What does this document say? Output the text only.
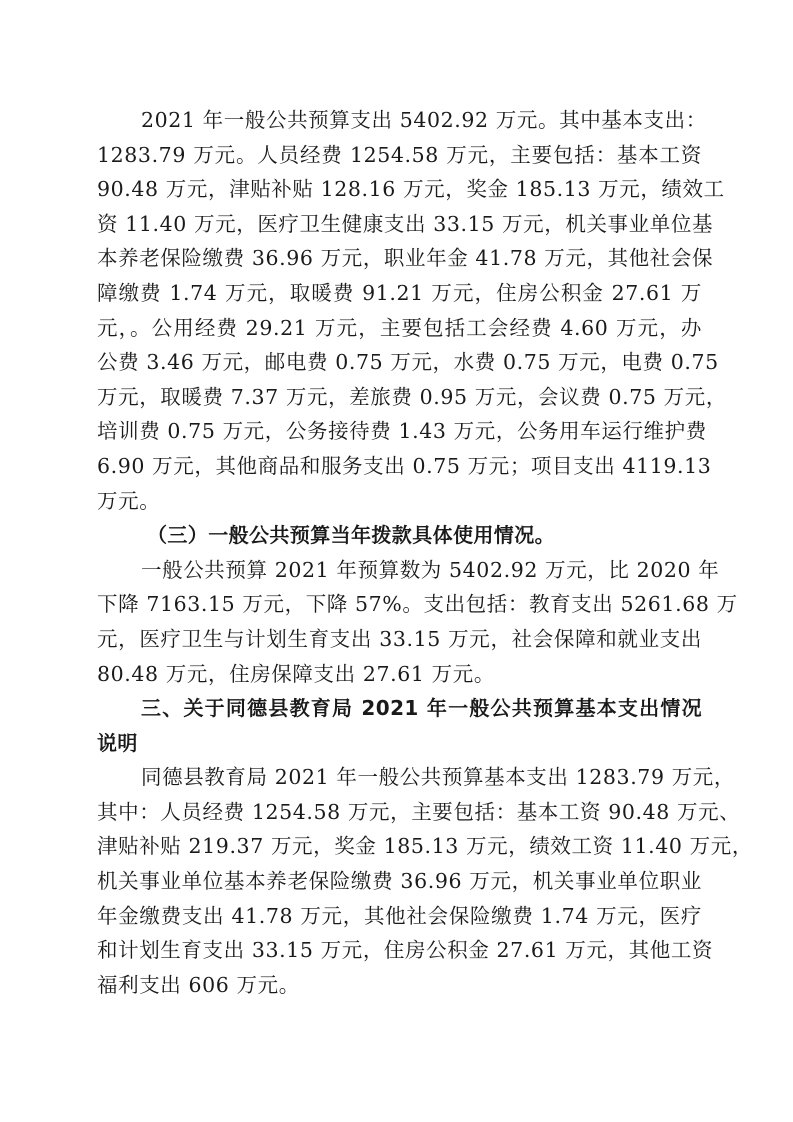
2021 年一般公共预算支出 5402.92 万元。其中基本支出：
1283.79 万元。人员经费 1254.58 万元，主要包括：基本工资
90.48 万元，津贴补贴 128.16 万元，奖金 185.13 万元，绩效工
资 11.40 万元，医疗卫生健康支出 33.15 万元，机关事业单位基
本养老保险缴费 36.96 万元，职业年金 41.78 万元，其他社会保
障缴费 1.74 万元，取暖费 91.21 万元，住房公积金 27.61 万
元，。公用经费 29.21 万元，主要包括工会经费 4.60 万元，办
公费 3.46 万元，邮电费 0.75 万元，水费 0.75 万元，电费 0.75
万元，取暖费 7.37 万元，差旅费 0.95 万元，会议费 0.75 万元，
培训费 0.75 万元，公务接待费 1.43 万元，公务用车运行维护费
6.90 万元，其他商品和服务支出 0.75 万元；项目支出 4119.13
万元。
（三）一般公共预算当年拨款具体使用情况。
一般公共预算 2021 年预算数为 5402.92 万元，比 2020 年
下降 7163.15 万元，下降 57%。支出包括：教育支出 5261.68 万
元，医疗卫生与计划生育支出 33.15 万元，社会保障和就业支出
80.48 万元，住房保障支出 27.61 万元。
三、关于同德县教育局 2021 年一般公共预算基本支出情况
说明
同德县教育局 2021 年一般公共预算基本支出 1283.79 万元，
其中：人员经费 1254.58 万元，主要包括：基本工资 90.48 万元、
津贴补贴 219.37 万元，奖金 185.13 万元，绩效工资 11.40 万元，
机关事业单位基本养老保险缴费 36.96 万元，机关事业单位职业
年金缴费支出 41.78 万元，其他社会保险缴费 1.74 万元，医疗
和计划生育支出 33.15 万元，住房公积金 27.61 万元，其他工资
福利支出 606 万元。
